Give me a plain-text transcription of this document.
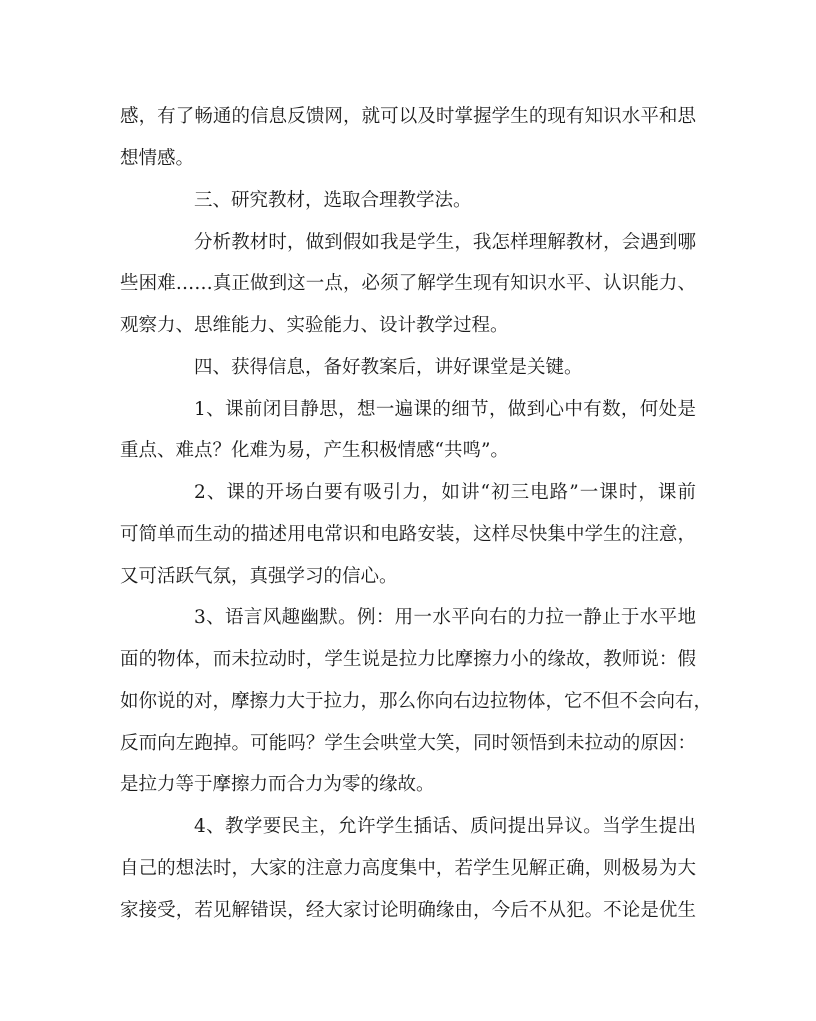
感，有了畅通的信息反馈网，就可以及时掌握学生的现有知识水平和思
想情感。
三、研究教材，选取合理教学法。
分析教材时，做到假如我是学生，我怎样理解教材，会遇到哪
些困难……真正做到这一点，必须了解学生现有知识水平、认识能力、
观察力、思维能力、实验能力、设计教学过程。
四、获得信息，备好教案后，讲好课堂是关键。
1、课前闭目静思，想一遍课的细节，做到心中有数，何处是
重点、难点？化难为易，产生积极情感“共鸣”。
2、课的开场白要有吸引力，如讲“初三电路”一课时，课前
可简单而生动的描述用电常识和电路安装，这样尽快集中学生的注意，
又可活跃气氛，真强学习的信心。
3、语言风趣幽默。例：用一水平向右的力拉一静止于水平地
面的物体，而未拉动时，学生说是拉力比摩擦力小的缘故，教师说：假
如你说的对，摩擦力大于拉力，那么你向右边拉物体，它不但不会向右，
反而向左跑掉。可能吗？学生会哄堂大笑，同时领悟到未拉动的原因：
是拉力等于摩擦力而合力为零的缘故。
4、教学要民主，允许学生插话、质问提出异议。当学生提出
自己的想法时，大家的注意力高度集中，若学生见解正确，则极易为大
家接受，若见解错误，经大家讨论明确缘由，今后不从犯。不论是优生
